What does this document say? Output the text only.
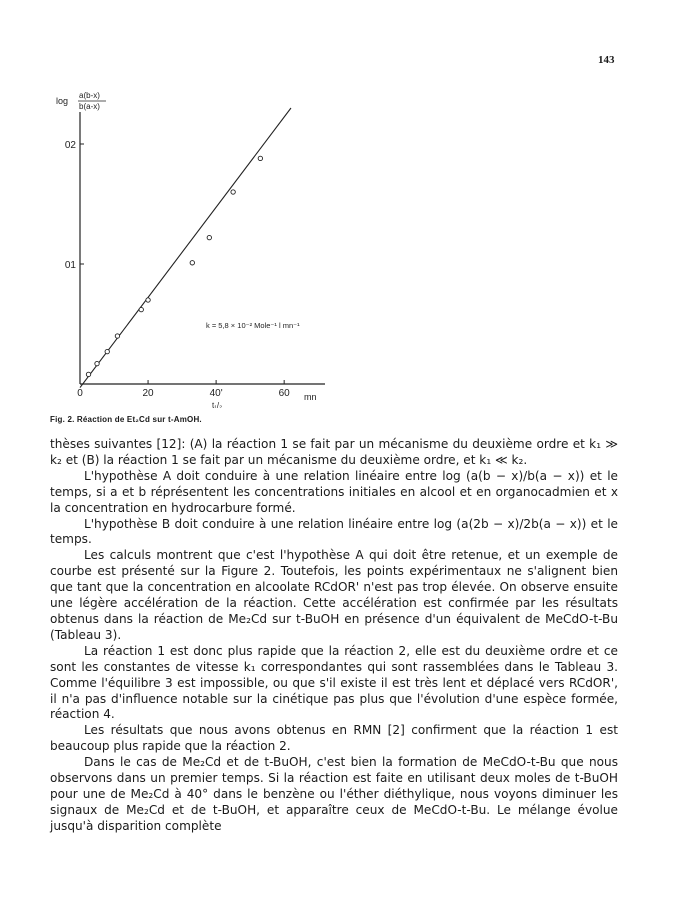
143
log
a(b-x)
b(a-x)
0	20	40'	60
01
02
k = 5,8 × 10⁻² Mole⁻¹ l mn⁻¹
mn
t₁/₂
Fig. 2. Réaction de Et₂Cd sur t-AmOH.

thèses suivantes [12]: (A) la réaction 1 se fait par un mécanisme du deuxième ordre et k₁ ≫ k₂ et (B) la réaction 1 se fait par un mécanisme du deuxième ordre, et k₁ ≪ k₂.

L'hypothèse A doit conduire à une relation linéaire entre log (a(b − x)/b(a − x)) et le temps, si a et b réprésentent les concentrations initiales en alcool et en organocadmien et x la concentration en hydrocarbure formé.

L'hypothèse B doit conduire à une relation linéaire entre log (a(2b − x)/2b(a − x)) et le temps.

Les calculs montrent que c'est l'hypothèse A qui doit être retenue, et un exemple de courbe est présenté sur la Figure 2. Toutefois, les points expérimentaux ne s'alignent bien que tant que la concentration en alcoolate RCdOR' n'est pas trop élevée. On observe ensuite une légère accélération de la réaction. Cette accélération est confirmée par les résultats obtenus dans la réaction de Me₂Cd sur t-BuOH en présence d'un équivalent de MeCdO-t-Bu (Tableau 3).

La réaction 1 est donc plus rapide que la réaction 2, elle est du deuxième ordre et ce sont les constantes de vitesse k₁ correspondantes qui sont rassemblées dans le Tableau 3. Comme l'équilibre 3 est impossible, ou que s'il existe il est très lent et déplacé vers RCdOR', il n'a pas d'influence notable sur la cinétique pas plus que l'évolution d'une espèce formée, réaction 4.

Les résultats que nous avons obtenus en RMN [2] confirment que la réaction 1 est beaucoup plus rapide que la réaction 2.

Dans le cas de Me₂Cd et de t-BuOH, c'est bien la formation de MeCdO-t-Bu que nous observons dans un premier temps. Si la réaction est faite en utilisant deux moles de t-BuOH pour une de Me₂Cd à 40° dans le benzène ou l'éther diéthylique, nous voyons diminuer les signaux de Me₂Cd et de t-BuOH, et apparaître ceux de MeCdO-t-Bu. Le mélange évolue jusqu'à disparition complète
